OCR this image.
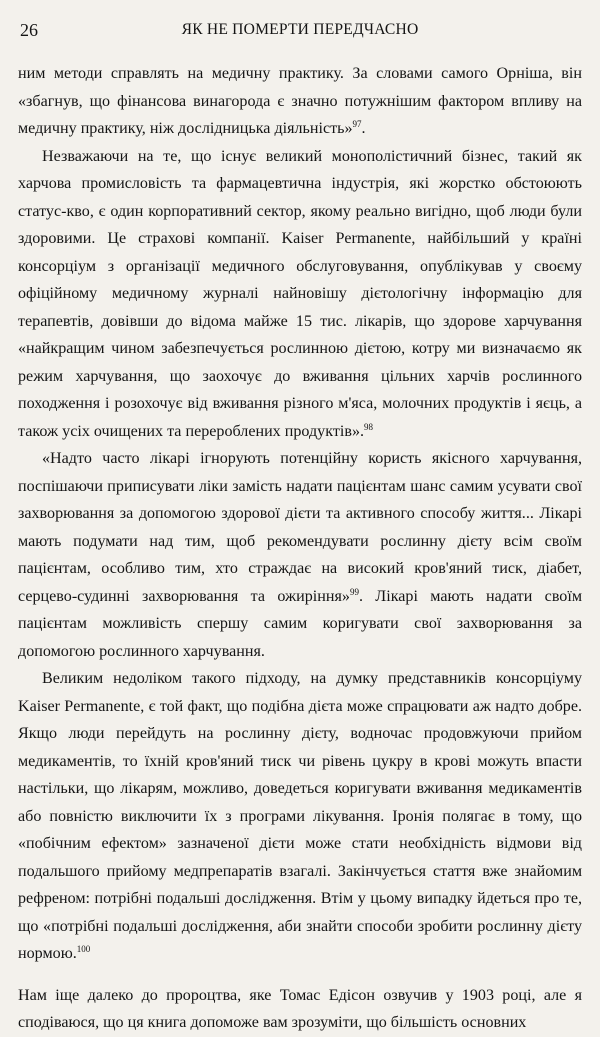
26	ЯК НЕ ПОМЕРТИ ПЕРЕДЧАСНО

ним методи справлять на медичну практику. За словами самого Орніша, він «збагнув, що фінансова винагорода є значно потужнішим фактором впливу на медичну практику, ніж дослідницька діяльність»$^{97}$.

Незважаючи на те, що існує великий монополістичний бізнес, такий як харчова промисловість та фармацевтична індустрія, які жорстко обстоюють статус-кво, є один корпоративний сектор, якому реально вигідно, щоб люди були здоровими. Це страхові компанії. Kaiser Permanente, найбільший у країні консорціум з організації медичного обслуговування, опублікував у своєму офіційному медичному журналі найновішу дієтологічну інформацію для терапевтів, довівши до відома майже 15 тис. лікарів, що здорове харчування «найкращим чином забезпечується рослинною дієтою, котру ми визначаємо як режим харчування, що заохочує до вживання цільних харчів рослинного походження і розохочує від вживання різного м'яса, молочних продуктів і яєць, а також усіх очищених та перероблених продуктів».$^{98}$

«Надто часто лікарі ігнорують потенційну користь якісного харчування, поспішаючи приписувати ліки замість надати пацієнтам шанс самим усувати свої захворювання за допомогою здорової дієти та активного способу життя... Лікарі мають подумати над тим, щоб рекомендувати рослинну дієту всім своїм пацієнтам, особливо тим, хто страждає на високий кров'яний тиск, діабет, серцево-судинні захворювання та ожиріння»$^{99}$. Лікарі мають надати своїм пацієнтам можливість спершу самим коригувати свої захворювання за допомогою рослинного харчування.

Великим недоліком такого підходу, на думку представників консорціуму Kaiser Permanente, є той факт, що подібна дієта може спрацювати аж надто добре. Якщо люди перейдуть на рослинну дієту, водночас продовжуючи прийом медикаментів, то їхній кров'яний тиск чи рівень цукру в крові можуть впасти настільки, що лікарям, можливо, доведеться коригувати вживання медикаментів або повністю виключити їх з програми лікування. Іронія полягає в тому, що «побічним ефектом» зазначеної дієти може стати необхідність відмови від подальшого прийому медпрепаратів взагалі. Закінчується стаття вже знайомим рефреном: потрібні подальші дослідження. Втім у цьому випадку йдеться про те, що «потрібні подальші дослідження, аби знайти способи зробити рослинну дієту нормою.$^{100}$

Нам іще далеко до пророцтва, яке Томас Едісон озвучив у 1903 році, але я сподіваюся, що ця книга допоможе вам зрозуміти, що більшість основних
